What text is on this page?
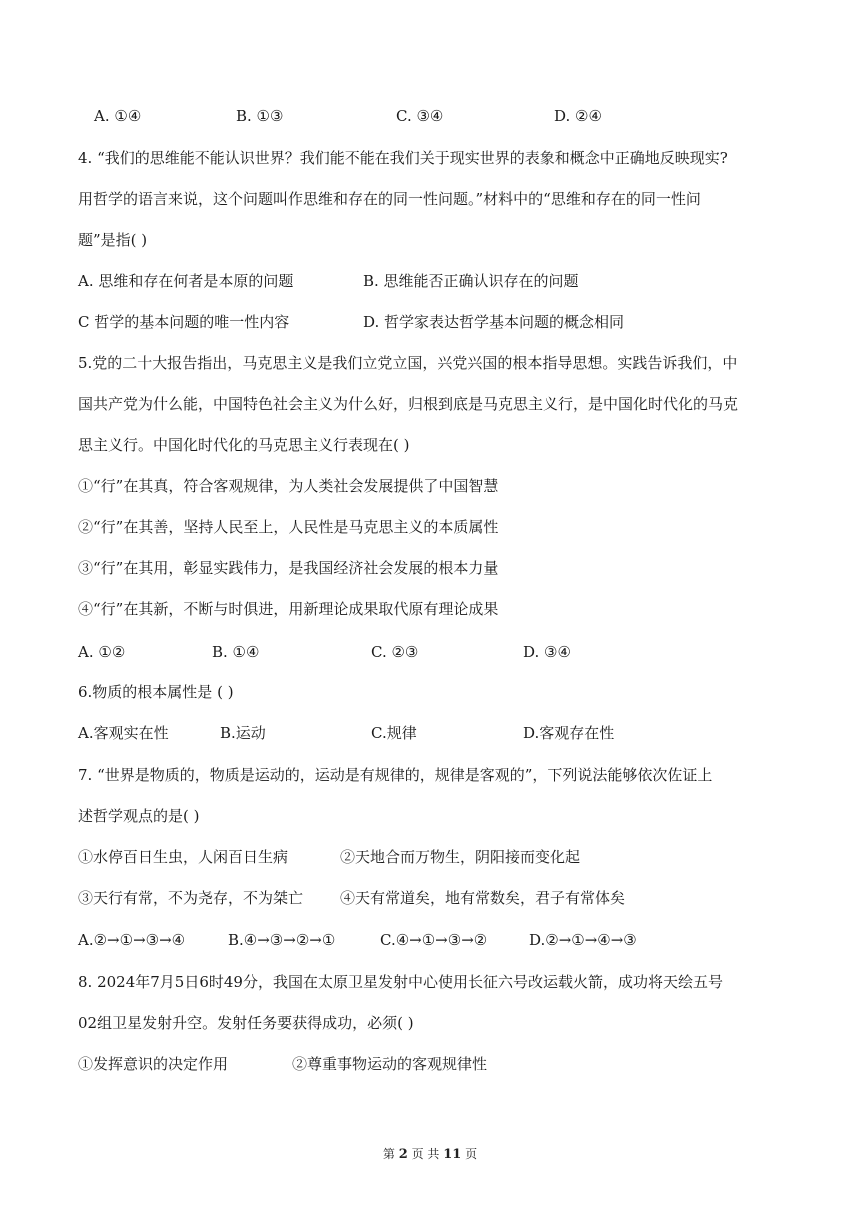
A. ①④	B. ①③	C. ③④	D. ②④
4. “我们的思维能不能认识世界？我们能不能在我们关于现实世界的表象和概念中正确地反映现实?
用哲学的语言来说，这个问题叫作思维和存在的同一性问题。”材料中的“思维和存在的同一性问
题”是指( )
A. 思维和存在何者是本原的问题	B. 思维能否正确认识存在的问题
C 哲学的基本问题的唯一性内容	D. 哲学家表达哲学基本问题的概念相同
5.党的二十大报告指出，马克思主义是我们立党立国，兴党兴国的根本指导思想。实践告诉我们，中
国共产党为什么能，中国特色社会主义为什么好，归根到底是马克思主义行，是中国化时代化的马克
思主义行。中国化时代化的马克思主义行表现在( )
①“行”在其真，符合客观规律，为人类社会发展提供了中国智慧
②“行”在其善，坚持人民至上，人民性是马克思主义的本质属性
③“行”在其用，彰显实践伟力，是我国经济社会发展的根本力量
④“行”在其新，不断与时俱进，用新理论成果取代原有理论成果
A. ①②	B. ①④	C. ②③	D. ③④
6.物质的根本属性是 ( )
A.客观实在性	B.运动	C.规律	D.客观存在性
7. “世界是物质的，物质是运动的，运动是有规律的，规律是客观的”，下列说法能够依次佐证上
述哲学观点的是( )
①水停百日生虫，人闲百日生病	②天地合而万物生，阴阳接而变化起
③天行有常，不为尧存，不为桀亡 ④天有常道矣，地有常数矣，君子有常体矣
A.②→①→③→④	B.④→③→②→①	C.④→①→③→②	D.②→①→④→③
8. 2024年7月5日6时49分，我国在太原卫星发射中心使用长征六号改运载火箭，成功将天绘五号
02组卫星发射升空。发射任务要获得成功，必须( )
①发挥意识的决定作用	②尊重事物运动的客观规律性
第 2 页 共 11 页
